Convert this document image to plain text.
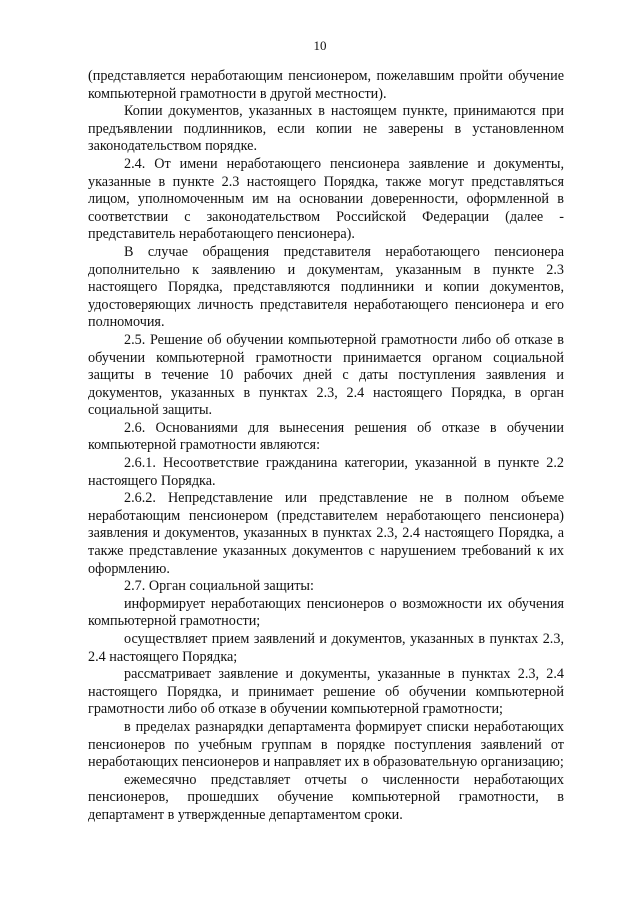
10

(представляется неработающим пенсионером, пожелавшим пройти обучение компьютерной грамотности в другой местности).

Копии документов, указанных в настоящем пункте, принимаются при предъявлении подлинников, если копии не заверены в установленном законодательством порядке.

2.4. От имени неработающего пенсионера заявление и документы, указанные в пункте 2.3 настоящего Порядка, также могут представляться лицом, уполномоченным им на основании доверенности, оформленной в соответствии с законодательством Российской Федерации (далее - представитель неработающего пенсионера).

В случае обращения представителя неработающего пенсионера дополнительно к заявлению и документам, указанным в пункте 2.3 настоящего Порядка, представляются подлинники и копии документов, удостоверяющих личность представителя неработающего пенсионера и его полномочия.

2.5. Решение об обучении компьютерной грамотности либо об отказе в обучении компьютерной грамотности принимается органом социальной защиты в течение 10 рабочих дней с даты поступления заявления и документов, указанных в пунктах 2.3, 2.4 настоящего Порядка, в орган социальной защиты.

2.6. Основаниями для вынесения решения об отказе в обучении компьютерной грамотности являются:

2.6.1. Несоответствие гражданина категории, указанной в пункте 2.2 настоящего Порядка.

2.6.2. Непредставление или представление не в полном объеме неработающим пенсионером (представителем неработающего пенсионера) заявления и документов, указанных в пунктах 2.3, 2.4 настоящего Порядка, а также представление указанных документов с нарушением требований к их оформлению.

2.7. Орган социальной защиты:

информирует неработающих пенсионеров о возможности их обучения компьютерной грамотности;

осуществляет прием заявлений и документов, указанных в пунктах 2.3, 2.4 настоящего Порядка;

рассматривает заявление и документы, указанные в пунктах 2.3, 2.4 настоящего Порядка, и принимает решение об обучении компьютерной грамотности либо об отказе в обучении компьютерной грамотности;

в пределах разнарядки департамента формирует списки неработающих пенсионеров по учебным группам в порядке поступления заявлений от неработающих пенсионеров и направляет их в образовательную организацию;

ежемесячно представляет отчеты о численности неработающих пенсионеров, прошедших обучение компьютерной грамотности, в департамент в утвержденные департаментом сроки.
